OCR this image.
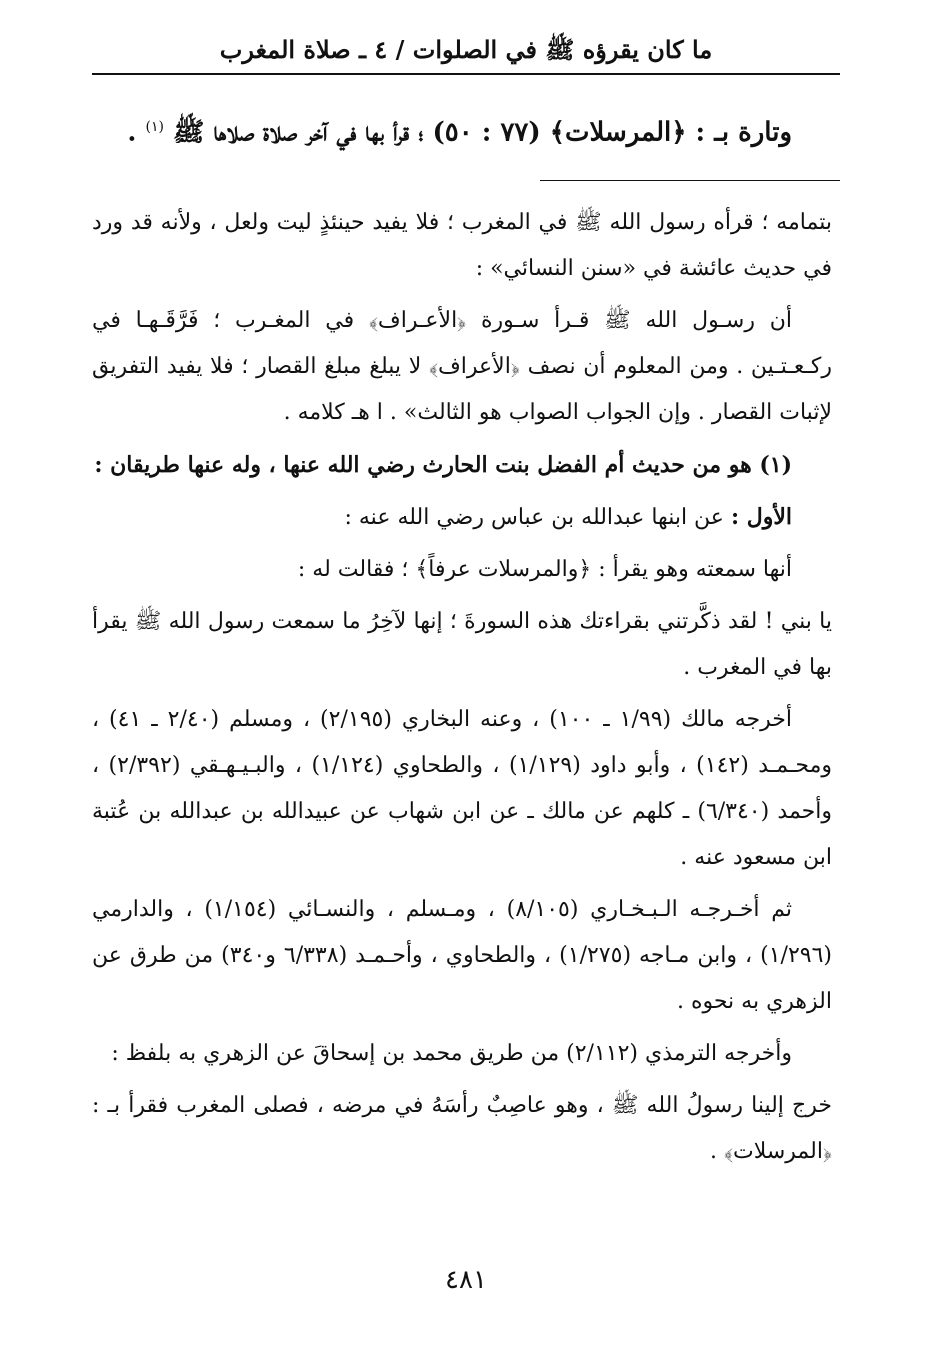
ما كان يقرؤه ﷺ في الصلوات / ٤ ـ صلاة المغرب
وتارة بـ : ﴿المرسلات﴾ (٧٧ : ٥٠) ؛ قرأ بها في آخر صلاة صلاها ﷺ $^{(١)}$ .

بتمامه ؛ قرأه رسول الله ﷺ في المغرب ؛ فلا يفيد حينئذٍ ليت ولعل ، ولأنه قد ورد في حديث عائشة في «سنن النسائي» :

أن رسـول الله ﷺ قـرأ سـورة ﴿الأعـراف﴾ في المغـرب ؛ فَرَّقَـهـا في ركـعـتـين . ومن المعلوم أن نصف ﴿الأعراف﴾ لا يبلغ مبلغ القصار ؛ فلا يفيد التفريق لإثبات القصار . وإن الجواب الصواب هو الثالث» . ا هـ كلامه .

(١) هو من حديث أم الفضل بنت الحارث رضي الله عنها ، وله عنها طريقان :

الأول : عن ابنها عبدالله بن عباس رضي الله عنه :

أنها سمعته وهو يقرأ : ﴿والمرسلات عرفاً﴾ ؛ فقالت له :

يا بني ! لقد ذكَّرتني بقراءتك هذه السورةَ ؛ إنها لآخِرُ ما سمعت رسول الله ﷺ يقرأ بها في المغرب .

أخرجه مالك (١/٩٩ ـ ١٠٠) ، وعنه البخاري (٢/١٩٥) ، ومسلم (٢/٤٠ ـ ٤١) ، ومحـمـد (١٤٢) ، وأبو داود (١/١٢٩) ، والطحاوي (١/١٢٤) ، والبـيـهـقي (٢/٣٩٢) ، وأحمد (٦/٣٤٠) ـ كلهم عن مالك ـ عن ابن شهاب عن عبيدالله بن عبدالله بن عُتبة ابن مسعود عنه .

ثم أخـرجـه الـبـخـاري (٨/١٠٥) ، ومـسلم ، والنسـائي (١/١٥٤) ، والدارمي (١/٢٩٦) ، وابن مـاجه (١/٢٧٥) ، والطحاوي ، وأحـمـد (٦/٣٣٨ و٣٤٠) من طرق عن الزهري به نحوه .

وأخرجه الترمذي (٢/١١٢) من طريق محمد بن إسحاقَ عن الزهري به بلفظ :

خرج إلينا رسولُ الله ﷺ ، وهو عاصِبٌ رأسَهُ في مرضه ، فصلى المغرب فقرأ بـ : ﴿المرسلات﴾ .

٤٨١
